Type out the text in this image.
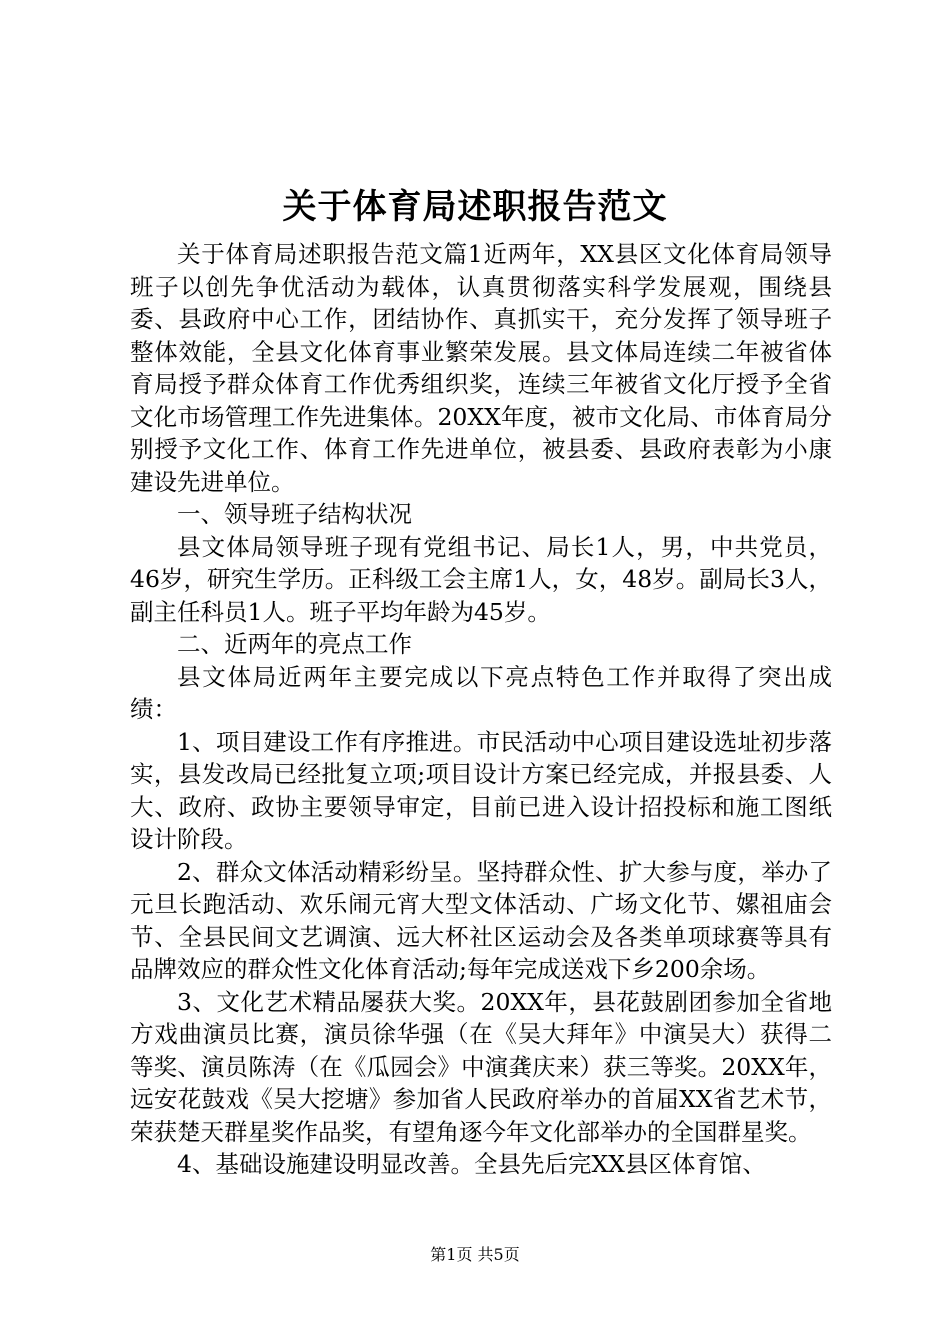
关于体育局述职报告范文

关于体育局述职报告范文篇1近两年，XX县区文化体育局领导班子以创先争优活动为载体，认真贯彻落实科学发展观，围绕县委、县政府中心工作，团结协作、真抓实干，充分发挥了领导班子整体效能，全县文化体育事业繁荣发展。县文体局连续二年被省体育局授予群众体育工作优秀组织奖，连续三年被省文化厅授予全省文化市场管理工作先进集体。20XX年度，被市文化局、市体育局分别授予文化工作、体育工作先进单位，被县委、县政府表彰为小康建设先进单位。

一、领导班子结构状况

县文体局领导班子现有党组书记、局长1人，男，中共党员，46岁，研究生学历。正科级工会主席1人，女，48岁。副局长3人，副主任科员1人。班子平均年龄为45岁。

二、近两年的亮点工作

县文体局近两年主要完成以下亮点特色工作并取得了突出成绩：

1、项目建设工作有序推进。市民活动中心项目建设选址初步落实，县发改局已经批复立项;项目设计方案已经完成，并报县委、人大、政府、政协主要领导审定，目前已进入设计招投标和施工图纸设计阶段。

2、群众文体活动精彩纷呈。坚持群众性、扩大参与度，举办了元旦长跑活动、欢乐闹元宵大型文体活动、广场文化节、嫘祖庙会节、全县民间文艺调演、远大杯社区运动会及各类单项球赛等具有品牌效应的群众性文化体育活动;每年完成送戏下乡200余场。

3、文化艺术精品屡获大奖。20XX年，县花鼓剧团参加全省地方戏曲演员比赛，演员徐华强（在《吴大拜年》中演吴大）获得二等奖、演员陈涛（在《瓜园会》中演龚庆来）获三等奖。20XX年，远安花鼓戏《吴大挖塘》参加省人民政府举办的首届XX省艺术节，荣获楚天群星奖作品奖，有望角逐今年文化部举办的全国群星奖。

4、基础设施建设明显改善。全县先后完XX县区体育馆、

第1页 共5页
